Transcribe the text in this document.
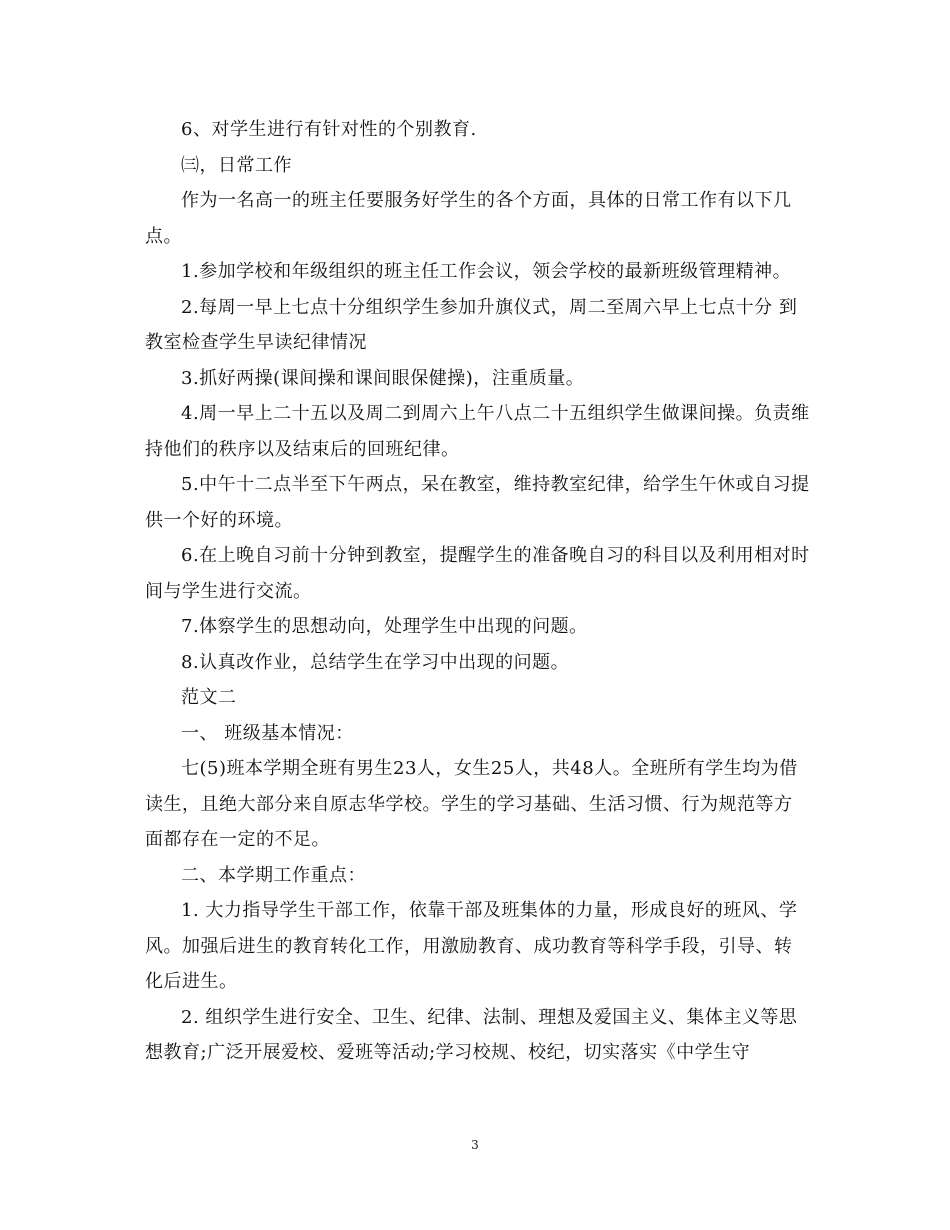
6、对学生进行有针对性的个别教育.

㈢，日常工作

作为一名高一的班主任要服务好学生的各个方面，具体的日常工作有以下几点。

1.参加学校和年级组织的班主任工作会议，领会学校的最新班级管理精神。

2.每周一早上七点十分组织学生参加升旗仪式，周二至周六早上七点十分 到教室检查学生早读纪律情况

3.抓好两操(课间操和课间眼保健操)，注重质量。

4.周一早上二十五以及周二到周六上午八点二十五组织学生做课间操。负责维持他们的秩序以及结束后的回班纪律。

5.中午十二点半至下午两点，呆在教室，维持教室纪律，给学生午休或自习提供一个好的环境。

6.在上晚自习前十分钟到教室，提醒学生的准备晚自习的科目以及利用相对时间与学生进行交流。

7.体察学生的思想动向，处理学生中出现的问题。

8.认真改作业，总结学生在学习中出现的问题。

范文二

一、 班级基本情况：

七(5)班本学期全班有男生23人，女生25人，共48人。全班所有学生均为借读生，且绝大部分来自原志华学校。学生的学习基础、生活习惯、行为规范等方面都存在一定的不足。

二、本学期工作重点：

1. 大力指导学生干部工作，依靠干部及班集体的力量，形成良好的班风、学风。加强后进生的教育转化工作，用激励教育、成功教育等科学手段，引导、转化后进生。

2. 组织学生进行安全、卫生、纪律、法制、理想及爱国主义、集体主义等思想教育;广泛开展爱校、爱班等活动;学习校规、校纪，切实落实《中学生守

3
